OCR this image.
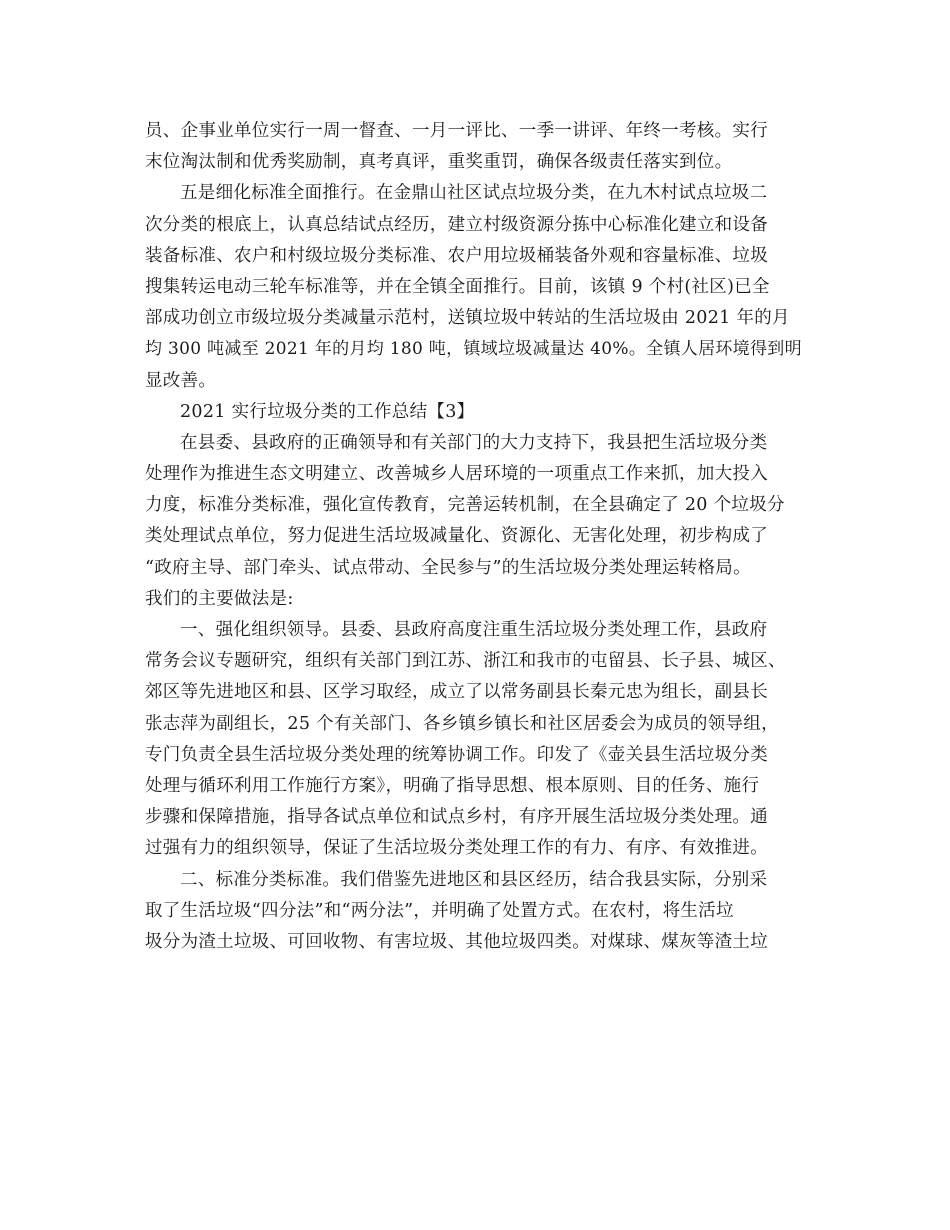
员、企事业单位实行一周一督查、一月一评比、一季一讲评、年终一考核。实行
末位淘汰制和优秀奖励制，真考真评，重奖重罚，确保各级责任落实到位。
五是细化标准全面推行。在金鼎山社区试点垃圾分类，在九木村试点垃圾二
次分类的根底上，认真总结试点经历，建立村级资源分拣中心标准化建立和设备
装备标准、农户和村级垃圾分类标准、农户用垃圾桶装备外观和容量标准、垃圾
搜集转运电动三轮车标准等，并在全镇全面推行。目前，该镇 9 个村(社区)已全
部成功创立市级垃圾分类减量示范村，送镇垃圾中转站的生活垃圾由 2021 年的月
均 300 吨减至 2021 年的月均 180 吨，镇域垃圾减量达 40%。全镇人居环境得到明
显改善。
2021 实行垃圾分类的工作总结【3】
在县委、县政府的正确领导和有关部门的大力支持下，我县把生活垃圾分类
处理作为推进生态文明建立、改善城乡人居环境的一项重点工作来抓，加大投入
力度，标准分类标准，强化宣传教育，完善运转机制，在全县确定了 20 个垃圾分
类处理试点单位，努力促进生活垃圾减量化、资源化、无害化处理，初步构成了
“政府主导、部门牵头、试点带动、全民参与”的生活垃圾分类处理运转格局。
我们的主要做法是:
一、强化组织领导。县委、县政府高度注重生活垃圾分类处理工作，县政府
常务会议专题研究，组织有关部门到江苏、浙江和我市的屯留县、长子县、城区、
郊区等先进地区和县、区学习取经，成立了以常务副县长秦元忠为组长，副县长
张志萍为副组长，25 个有关部门、各乡镇乡镇长和社区居委会为成员的领导组，
专门负责全县生活垃圾分类处理的统筹协调工作。印发了《壶关县生活垃圾分类
处理与循环利用工作施行方案》，明确了指导思想、根本原则、目的任务、施行
步骤和保障措施，指导各试点单位和试点乡村，有序开展生活垃圾分类处理。通
过强有力的组织领导，保证了生活垃圾分类处理工作的有力、有序、有效推进。
二、标准分类标准。我们借鉴先进地区和县区经历，结合我县实际，分别采
取了生活垃圾“四分法”和“两分法”，并明确了处置方式。在农村，将生活垃
圾分为渣土垃圾、可回收物、有害垃圾、其他垃圾四类。对煤球、煤灰等渣土垃
